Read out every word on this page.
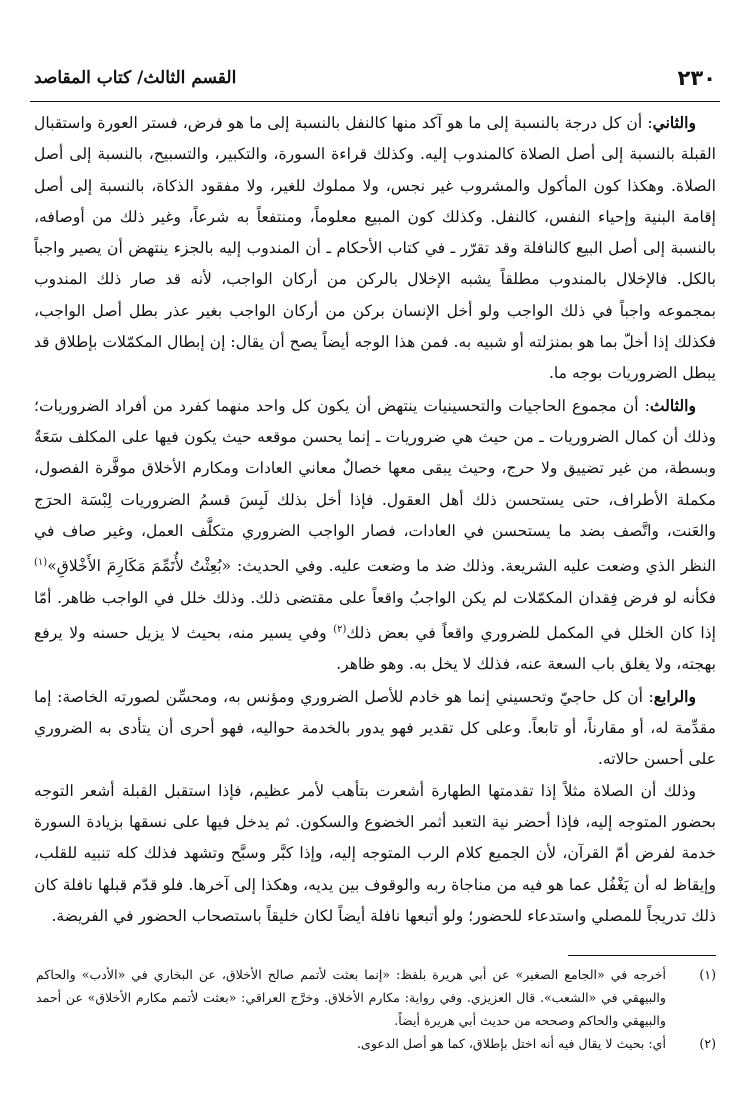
٢٣٠
القسم الثالث/ كتاب المقاصد

والثاني: أن كل درجة بالنسبة إلى ما هو آكد منها كالنفل بالنسبة إلى ما هو فرض، فستر العورة واستقبال القبلة بالنسبة إلى أصل الصلاة كالمندوب إليه. وكذلك قراءة السورة، والتكبير، والتسبيح، بالنسبة إلى أصل الصلاة. وهكذا كون المأكول والمشروب غير نجس، ولا مملوك للغير، ولا مفقود الذكاة، بالنسبة إلى أصل إقامة البنية وإحياء النفس، كالنفل. وكذلك كون المبيع معلوماً، ومنتفعاً به شرعاً، وغير ذلك من أوصافه، بالنسبة إلى أصل البيع كالنافلة وقد تقرّر ـ في كتاب الأحكام ـ أن المندوب إليه بالجزء ينتهض أن يصير واجباً بالكل. فالإخلال بالمندوب مطلقاً يشبه الإخلال بالركن من أركان الواجب، لأنه قد صار ذلك المندوب بمجموعه واجباً في ذلك الواجب ولو أخل الإنسان بركن من أركان الواجب بغير عذر بطل أصل الواجب، فكذلك إذا أخلّ بما هو بمنزلته أو شبيه به. فمن هذا الوجه أيضاً يصح أن يقال: إن إبطال المكمّلات بإطلاق قد يبطل الضروريات بوجه ما.

والثالث: أن مجموع الحاجيات والتحسينيات ينتهض أن يكون كل واحد منهما كفرد من أفراد الضروريات؛ وذلك أن كمال الضروريات ـ من حيث هي ضروريات ـ إنما يحسن موقعه حيث يكون فيها على المكلف سَعَةٌ وبسطة، من غير تضييق ولا حرج، وحيث يبقى معها خصالٌ معاني العادات ومكارم الأخلاق موفَّرة الفصول، مكملة الأطراف، حتى يستحسن ذلك أهل العقول. فإذا أخل بذلك لَبِسَ قسمُ الضروريات لِبْسَة الحرَج والعَنت، واتَّصف بضد ما يستحسن في العادات، فصار الواجب الضروري متكلَّف العمل، وغير صاف في النظر الذي وضعت عليه الشريعة. وذلك ضد ما وضعت عليه. وفي الحديث: «بُعِثْتُ لأُتَمِّمَ مَكَارِمَ الأَخْلاقِ»$^{(١)}$ فكأنه لو فرض فِقدان المكمّلات لم يكن الواجبُ واقعاً على مقتضى ذلك. وذلك خلل في الواجب ظاهر. أمّا إذا كان الخلل في المكمل للضروري واقعاً في بعض ذلك$^{(٢)}$ وفي يسير منه، بحيث لا يزيل حسنه ولا يرفع بهجته، ولا يغلق باب السعة عنه، فذلك لا يخل به. وهو ظاهر.

والرابع: أن كل حاجيّ وتحسيني إنما هو خادم للأصل الضروري ومؤنس به، ومحسِّن لصورته الخاصة: إما مقدِّمة له، أو مقارناً، أو تابعاً. وعلى كل تقدير فهو يدور بالخدمة حواليه، فهو أحرى أن يتأدى به الضروري على أحسن حالاته.

وذلك أن الصلاة مثلاً إذا تقدمتها الطهارة أشعرت بتأهب لأمر عظيم، فإذا استقبل القبلة أشعر التوجه بحضور المتوجه إليه، فإذا أحضر نية التعبد أثمر الخضوع والسكون. ثم يدخل فيها على نسقها بزيادة السورة خدمة لفرض أمّ القرآن، لأن الجميع كلام الرب المتوجه إليه، وإذا كبَّر وسبَّح وتشهد فذلك كله تنبيه للقلب، وإيقاظ له أن يَغْفُل عما هو فيه من مناجاة ربه والوقوف بين يديه، وهكذا إلى آخرها. فلو قدّم قبلها نافلة كان ذلك تدريجاً للمصلي واستدعاء للحضور؛ ولو أتبعها نافلة أيضاً لكان خليقاً باستصحاب الحضور في الفريضة.

(١)
أخرجه في «الجامع الصغير» عن أبي هريرة بلفظ: «إنما بعثت لأتمم صالح الأخلاق، عن البخاري في «الأدب» والحاكم والبيهقي في «الشعب». قال العزيزي. وفي رواية: مكارم الأخلاق. وخرَّج العراقي: «بعثت لأتمم مكارم الأخلاق» عن أحمد والبيهقي والحاكم وصححه من حديث أبي هريرة أيضاً.

(٢)
أي: بحيث لا يقال فيه أنه اختل بإطلاق، كما هو أصل الدعوى.
